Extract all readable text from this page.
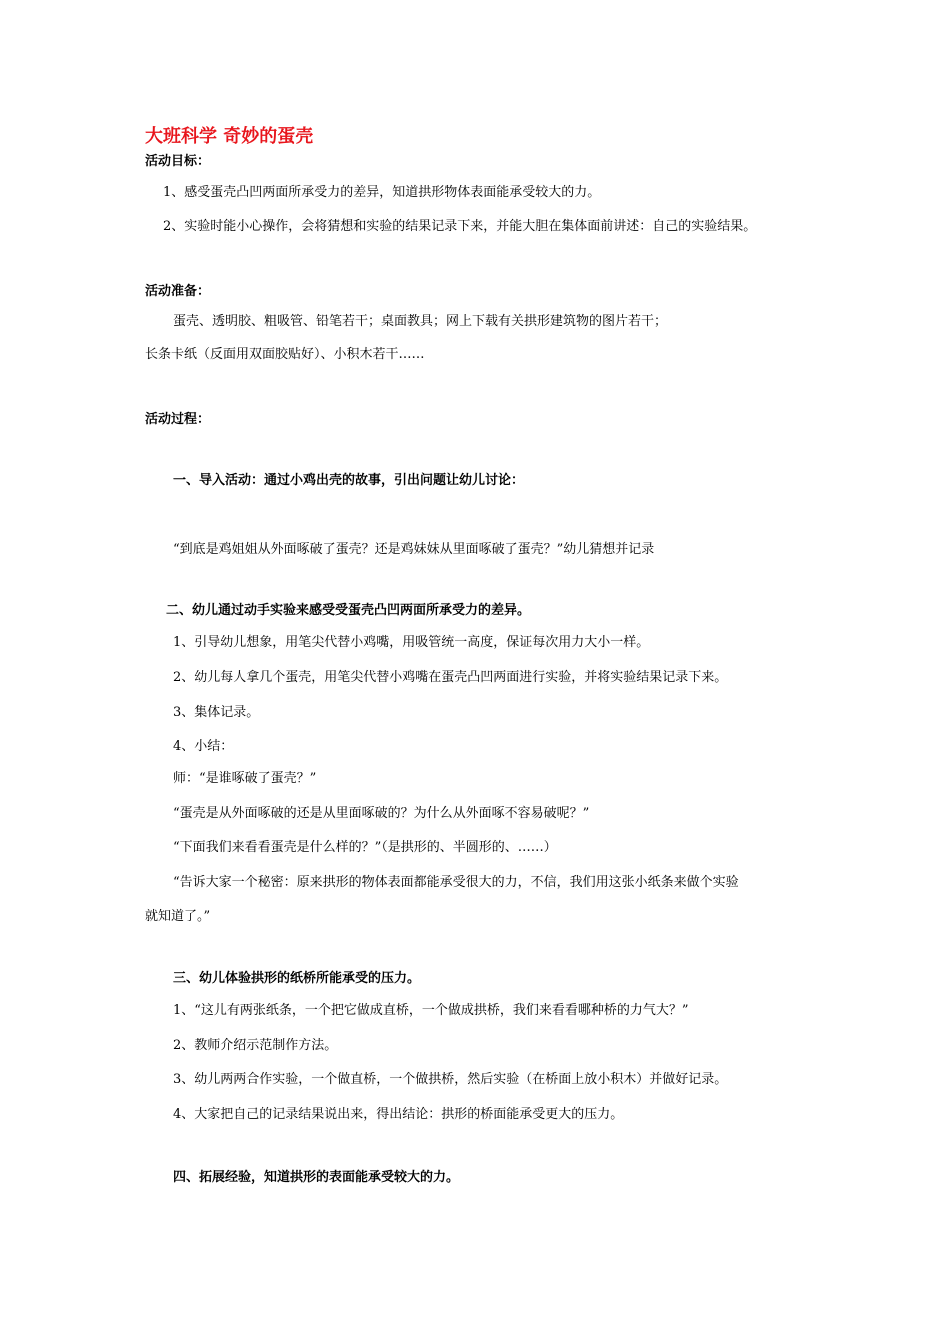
大班科学 奇妙的蛋壳
活动目标：
1、感受蛋壳凸凹两面所承受力的差异，知道拱形物体表面能承受较大的力。
2、实验时能小心操作，会将猜想和实验的结果记录下来，并能大胆在集体面前讲述：自己的实验结果。
活动准备：
蛋壳、透明胶、粗吸管、铅笔若干；桌面教具；网上下载有关拱形建筑物的图片若干；
长条卡纸（反面用双面胶贴好）、小积木若干……
活动过程：
一、导入活动：通过小鸡出壳的故事，引出问题让幼儿讨论：
“到底是鸡姐姐从外面啄破了蛋壳？还是鸡妹妹从里面啄破了蛋壳？”幼儿猜想并记录
二、幼儿通过动手实验来感受受蛋壳凸凹两面所承受力的差异。
1、引导幼儿想象，用笔尖代替小鸡嘴，用吸管统一高度，保证每次用力大小一样。
2、幼儿每人拿几个蛋壳，用笔尖代替小鸡嘴在蛋壳凸凹两面进行实验，并将实验结果记录下来。
3、集体记录。
4、小结：
师：“是谁啄破了蛋壳？”
“蛋壳是从外面啄破的还是从里面啄破的？为什么从外面啄不容易破呢？”
“下面我们来看看蛋壳是什么样的？”（是拱形的、半圆形的、……）
“告诉大家一个秘密：原来拱形的物体表面都能承受很大的力，不信，我们用这张小纸条来做个实验
就知道了。”
三、幼儿体验拱形的纸桥所能承受的压力。
1、“这儿有两张纸条，一个把它做成直桥，一个做成拱桥，我们来看看哪种桥的力气大？”
2、教师介绍示范制作方法。
3、幼儿两两合作实验，一个做直桥，一个做拱桥，然后实验（在桥面上放小积木）并做好记录。
4、大家把自己的记录结果说出来，得出结论：拱形的桥面能承受更大的压力。
四、拓展经验，知道拱形的表面能承受较大的力。
